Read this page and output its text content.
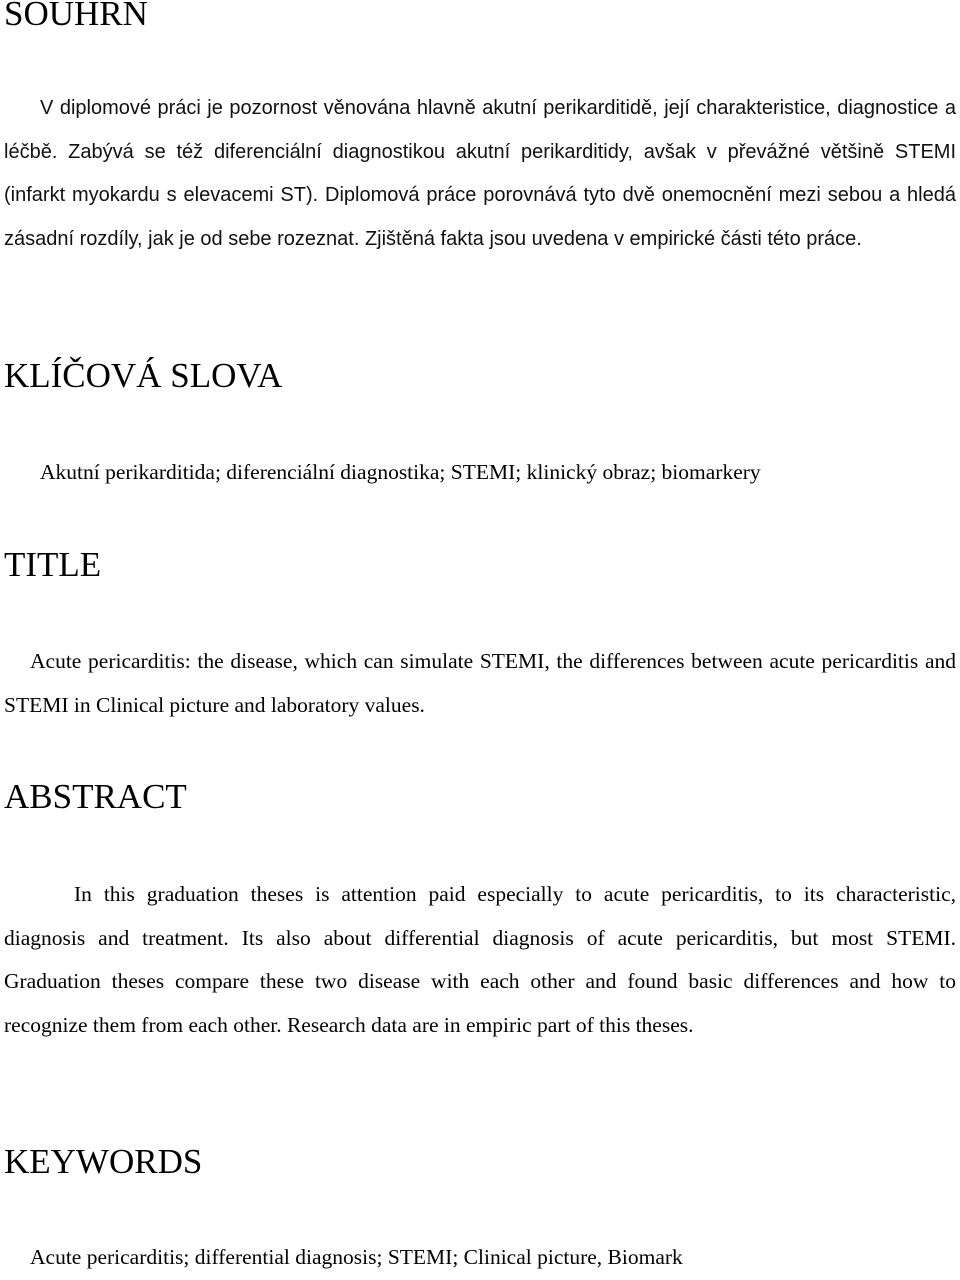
SOUHRN

V diplomové práci je pozornost věnována hlavně akutní perikarditidě, její charakteristice, diagnostice a léčbě. Zabývá se též diferenciální diagnostikou akutní perikarditidy, avšak v převážné většině STEMI (infarkt myokardu s elevacemi ST). Diplomová práce porovnává tyto dvě onemocnění mezi sebou a hledá zásadní rozdíly, jak je od sebe rozeznat. Zjištěná fakta jsou uvedena v empirické části této práce.

KLÍČOVÁ SLOVA

Akutní perikarditida; diferenciální diagnostika; STEMI; klinický obraz; biomarkery

TITLE

Acute pericarditis: the disease, which can simulate STEMI, the differences between acute pericarditis and STEMI in Clinical picture and laboratory values.

ABSTRACT

In this graduation theses is attention paid especially to acute pericarditis, to its characteristic, diagnosis and treatment. Its also about differential diagnosis of acute pericarditis, but most STEMI. Graduation theses compare these two disease with each other and found basic differences and how to recognize them from each other. Research data are in empiric part of this theses.

KEYWORDS

Acute pericarditis; differential diagnosis; STEMI; Clinical picture, Biomark
